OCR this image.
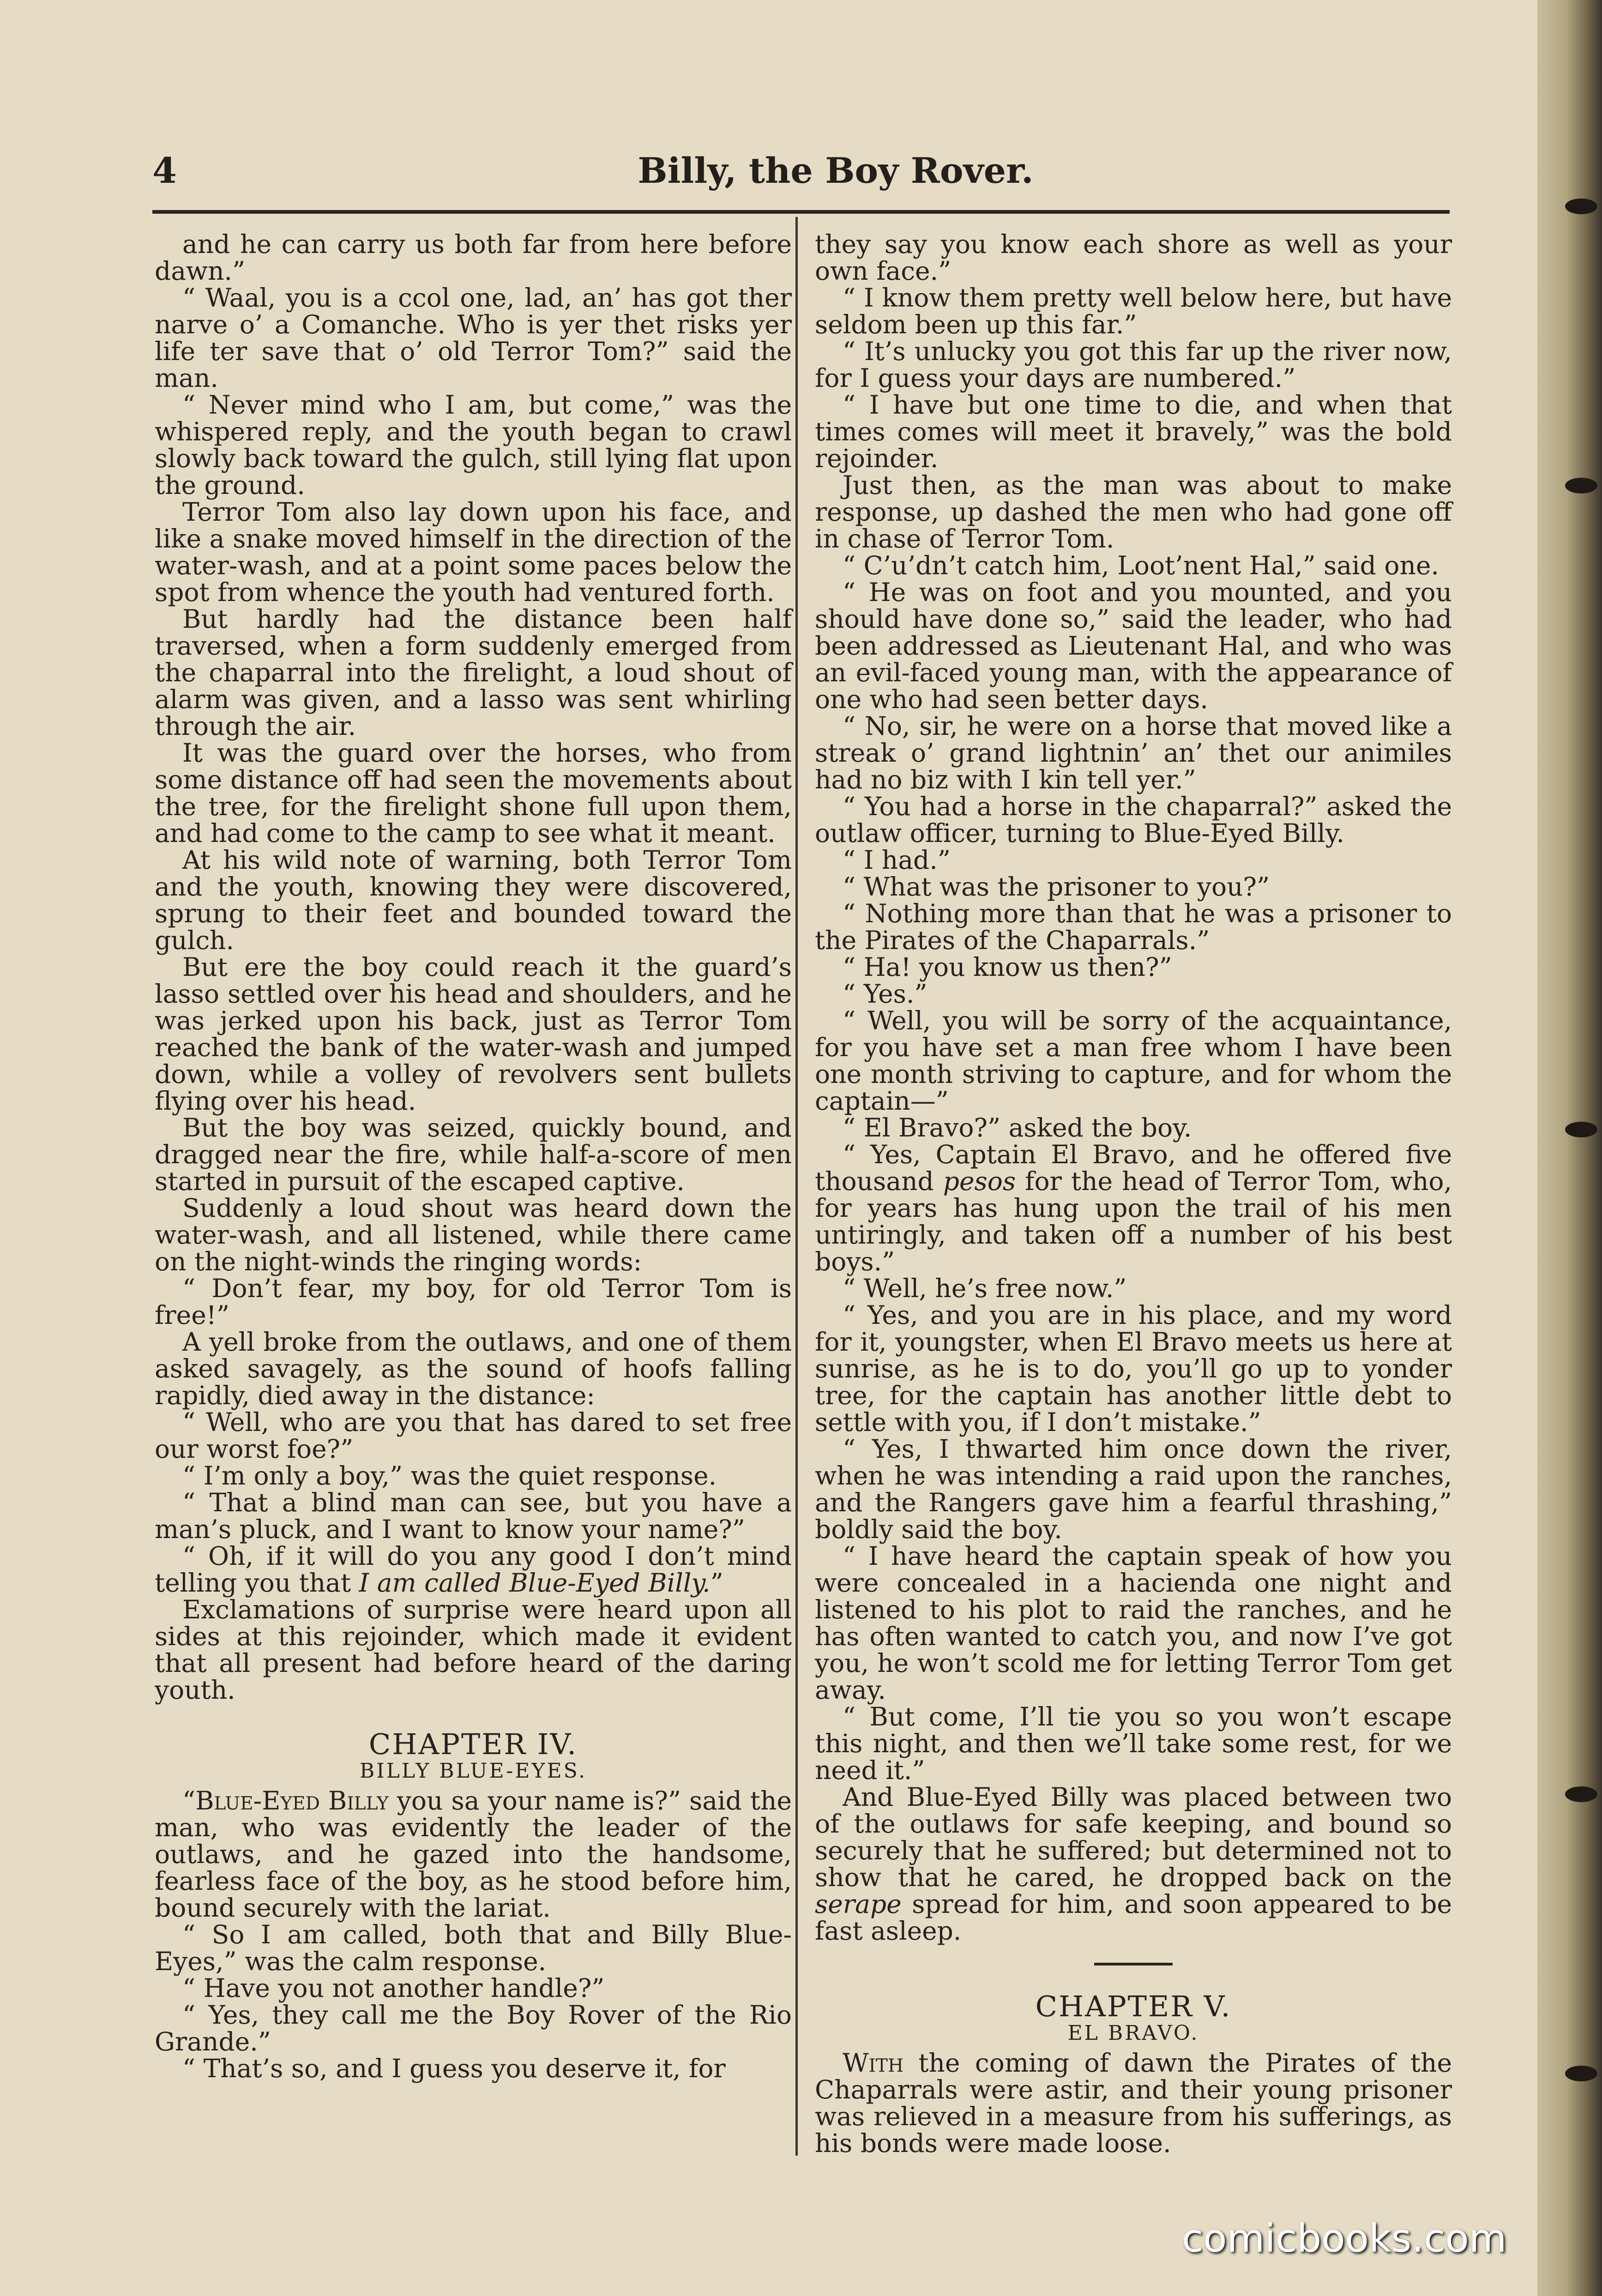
4	Billy, the Boy Rover.

and he can carry us both far from here before dawn.”

“ Waal, you is a ccol one, lad, an’ has got ther narve o’ a Comanche. Who is yer thet risks yer life ter save that o’ old Terror Tom?” said the man.

“ Never mind who I am, but come,” was the whispered reply, and the youth began to crawl slowly back toward the gulch, still lying flat upon the ground.

Terror Tom also lay down upon his face, and like a snake moved himself in the direction of the water-wash, and at a point some paces below the spot from whence the youth had ventured forth.

But hardly had the distance been half traversed, when a form suddenly emerged from the chaparral into the firelight, a loud shout of alarm was given, and a lasso was sent whirling through the air.

It was the guard over the horses, who from some distance off had seen the movements about the tree, for the firelight shone full upon them, and had come to the camp to see what it meant.

At his wild note of warning, both Terror Tom and the youth, knowing they were discovered, sprung to their feet and bounded toward the gulch.

But ere the boy could reach it the guard’s lasso settled over his head and shoulders, and he was jerked upon his back, just as Terror Tom reached the bank of the water-wash and jumped down, while a volley of revolvers sent bullets flying over his head.

But the boy was seized, quickly bound, and dragged near the fire, while half-a-score of men started in pursuit of the escaped captive.

Suddenly a loud shout was heard down the water-wash, and all listened, while there came on the night-winds the ringing words:

“ Don’t fear, my boy, for old Terror Tom is free!”

A yell broke from the outlaws, and one of them asked savagely, as the sound of hoofs falling rapidly, died away in the distance:

“ Well, who are you that has dared to set free our worst foe?”

“ I’m only a boy,” was the quiet response.

“ That a blind man can see, but you have a man’s pluck, and I want to know your name?”

“ Oh, if it will do you any good I don’t mind telling you that I am called Blue-Eyed Billy.”

Exclamations of surprise were heard upon all sides at this rejoinder, which made it evident that all present had before heard of the daring youth.

CHAPTER IV.
BILLY BLUE-EYES.

“Blue-Eyed Billy you sa your name is?” said the man, who was evidently the leader of the outlaws, and he gazed into the handsome, fearless face of the boy, as he stood before him, bound securely with the lariat.

“ So I am called, both that and Billy Blue-Eyes,” was the calm response.

“ Have you not another handle?”

“ Yes, they call me the Boy Rover of the Rio Grande.”

“ That’s so, and I guess you deserve it, for

they say you know each shore as well as your own face.”

“ I know them pretty well below here, but have seldom been up this far.”

“ It’s unlucky you got this far up the river now, for I guess your days are numbered.”

“ I have but one time to die, and when that times comes will meet it bravely,” was the bold rejoinder.

Just then, as the man was about to make response, up dashed the men who had gone off in chase of Terror Tom.

“ C’u’dn’t catch him, Loot’nent Hal,” said one.

“ He was on foot and you mounted, and you should have done so,” said the leader, who had been addressed as Lieutenant Hal, and who was an evil-faced young man, with the appearance of one who had seen better days.

“ No, sir, he were on a horse that moved like a streak o’ grand lightnin’ an’ thet our animiles had no biz with I kin tell yer.”

“ You had a horse in the chaparral?” asked the outlaw officer, turning to Blue-Eyed Billy.

“ I had.”

“ What was the prisoner to you?”

“ Nothing more than that he was a prisoner to the Pirates of the Chaparrals.”

“ Ha! you know us then?”

“ Yes.”

“ Well, you will be sorry of the acquaintance, for you have set a man free whom I have been one month striving to capture, and for whom the captain—”

“ El Bravo?” asked the boy.

“ Yes, Captain El Bravo, and he offered five thousand pesos for the head of Terror Tom, who, for years has hung upon the trail of his men untiringly, and taken off a number of his best boys.”

“ Well, he’s free now.”

“ Yes, and you are in his place, and my word for it, youngster, when El Bravo meets us here at sunrise, as he is to do, you’ll go up to yonder tree, for the captain has another little debt to settle with you, if I don’t mistake.”

“ Yes, I thwarted him once down the river, when he was intending a raid upon the ranches, and the Rangers gave him a fearful thrashing,” boldly said the boy.

“ I have heard the captain speak of how you were concealed in a hacienda one night and listened to his plot to raid the ranches, and he has often wanted to catch you, and now I’ve got you, he won’t scold me for letting Terror Tom get away.

“ But come, I’ll tie you so you won’t escape this night, and then we’ll take some rest, for we need it.”

And Blue-Eyed Billy was placed between two of the outlaws for safe keeping, and bound so securely that he suffered; but determined not to show that he cared, he dropped back on the serape spread for him, and soon appeared to be fast asleep.

CHAPTER V.
EL BRAVO.

With the coming of dawn the Pirates of the Chaparrals were astir, and their young prisoner was relieved in a measure from his sufferings, as his bonds were made loose.

comicbooks.com
